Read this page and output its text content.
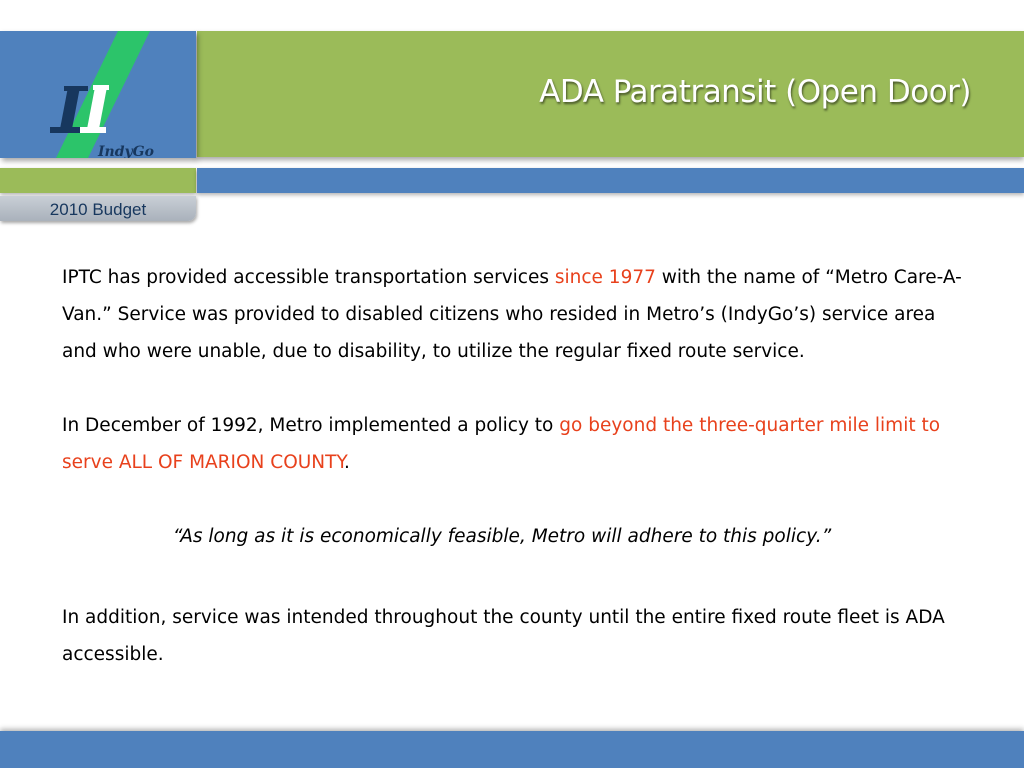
IndyGo
2010 Budget
ADA Paratransit (Open Door)

IPTC has provided accessible transportation services since 1977 with the name of “Metro Care-A-Van.” Service was provided to disabled citizens who resided in Metro’s (IndyGo’s) service area and who were unable, due to disability, to utilize the regular fixed route service.

In December of 1992, Metro implemented a policy to go beyond the three-quarter mile limit to serve ALL OF MARION COUNTY.

“As long as it is economically feasible, Metro will adhere to this policy.”

In addition, service was intended throughout the county until the entire fixed route fleet is ADA accessible.
